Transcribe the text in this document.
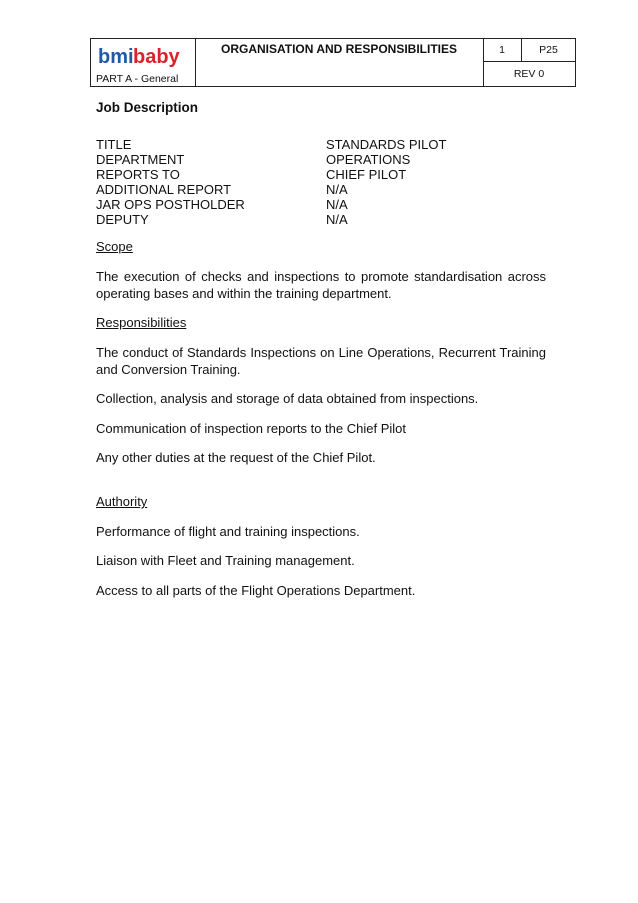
bmi baby
PART A - General
ORGANISATION AND RESPONSIBILITIES	1	P25
REV 0

Job Description

TITLE	STANDARDS PILOT
DEPARTMENT	OPERATIONS
REPORTS TO	CHIEF PILOT
ADDITIONAL REPORT	N/A
JAR OPS POSTHOLDER	N/A
DEPUTY	N/A

Scope

The execution of checks and inspections to promote standardisation across operating bases and within the training department.

Responsibilities

The conduct of Standards Inspections on Line Operations, Recurrent Training and Conversion Training.

Collection, analysis and storage of data obtained from inspections.

Communication of inspection reports to the Chief Pilot

Any other duties at the request of the Chief Pilot.

Authority

Performance of flight and training inspections.

Liaison with Fleet and Training management.

Access to all parts of the Flight Operations Department.
